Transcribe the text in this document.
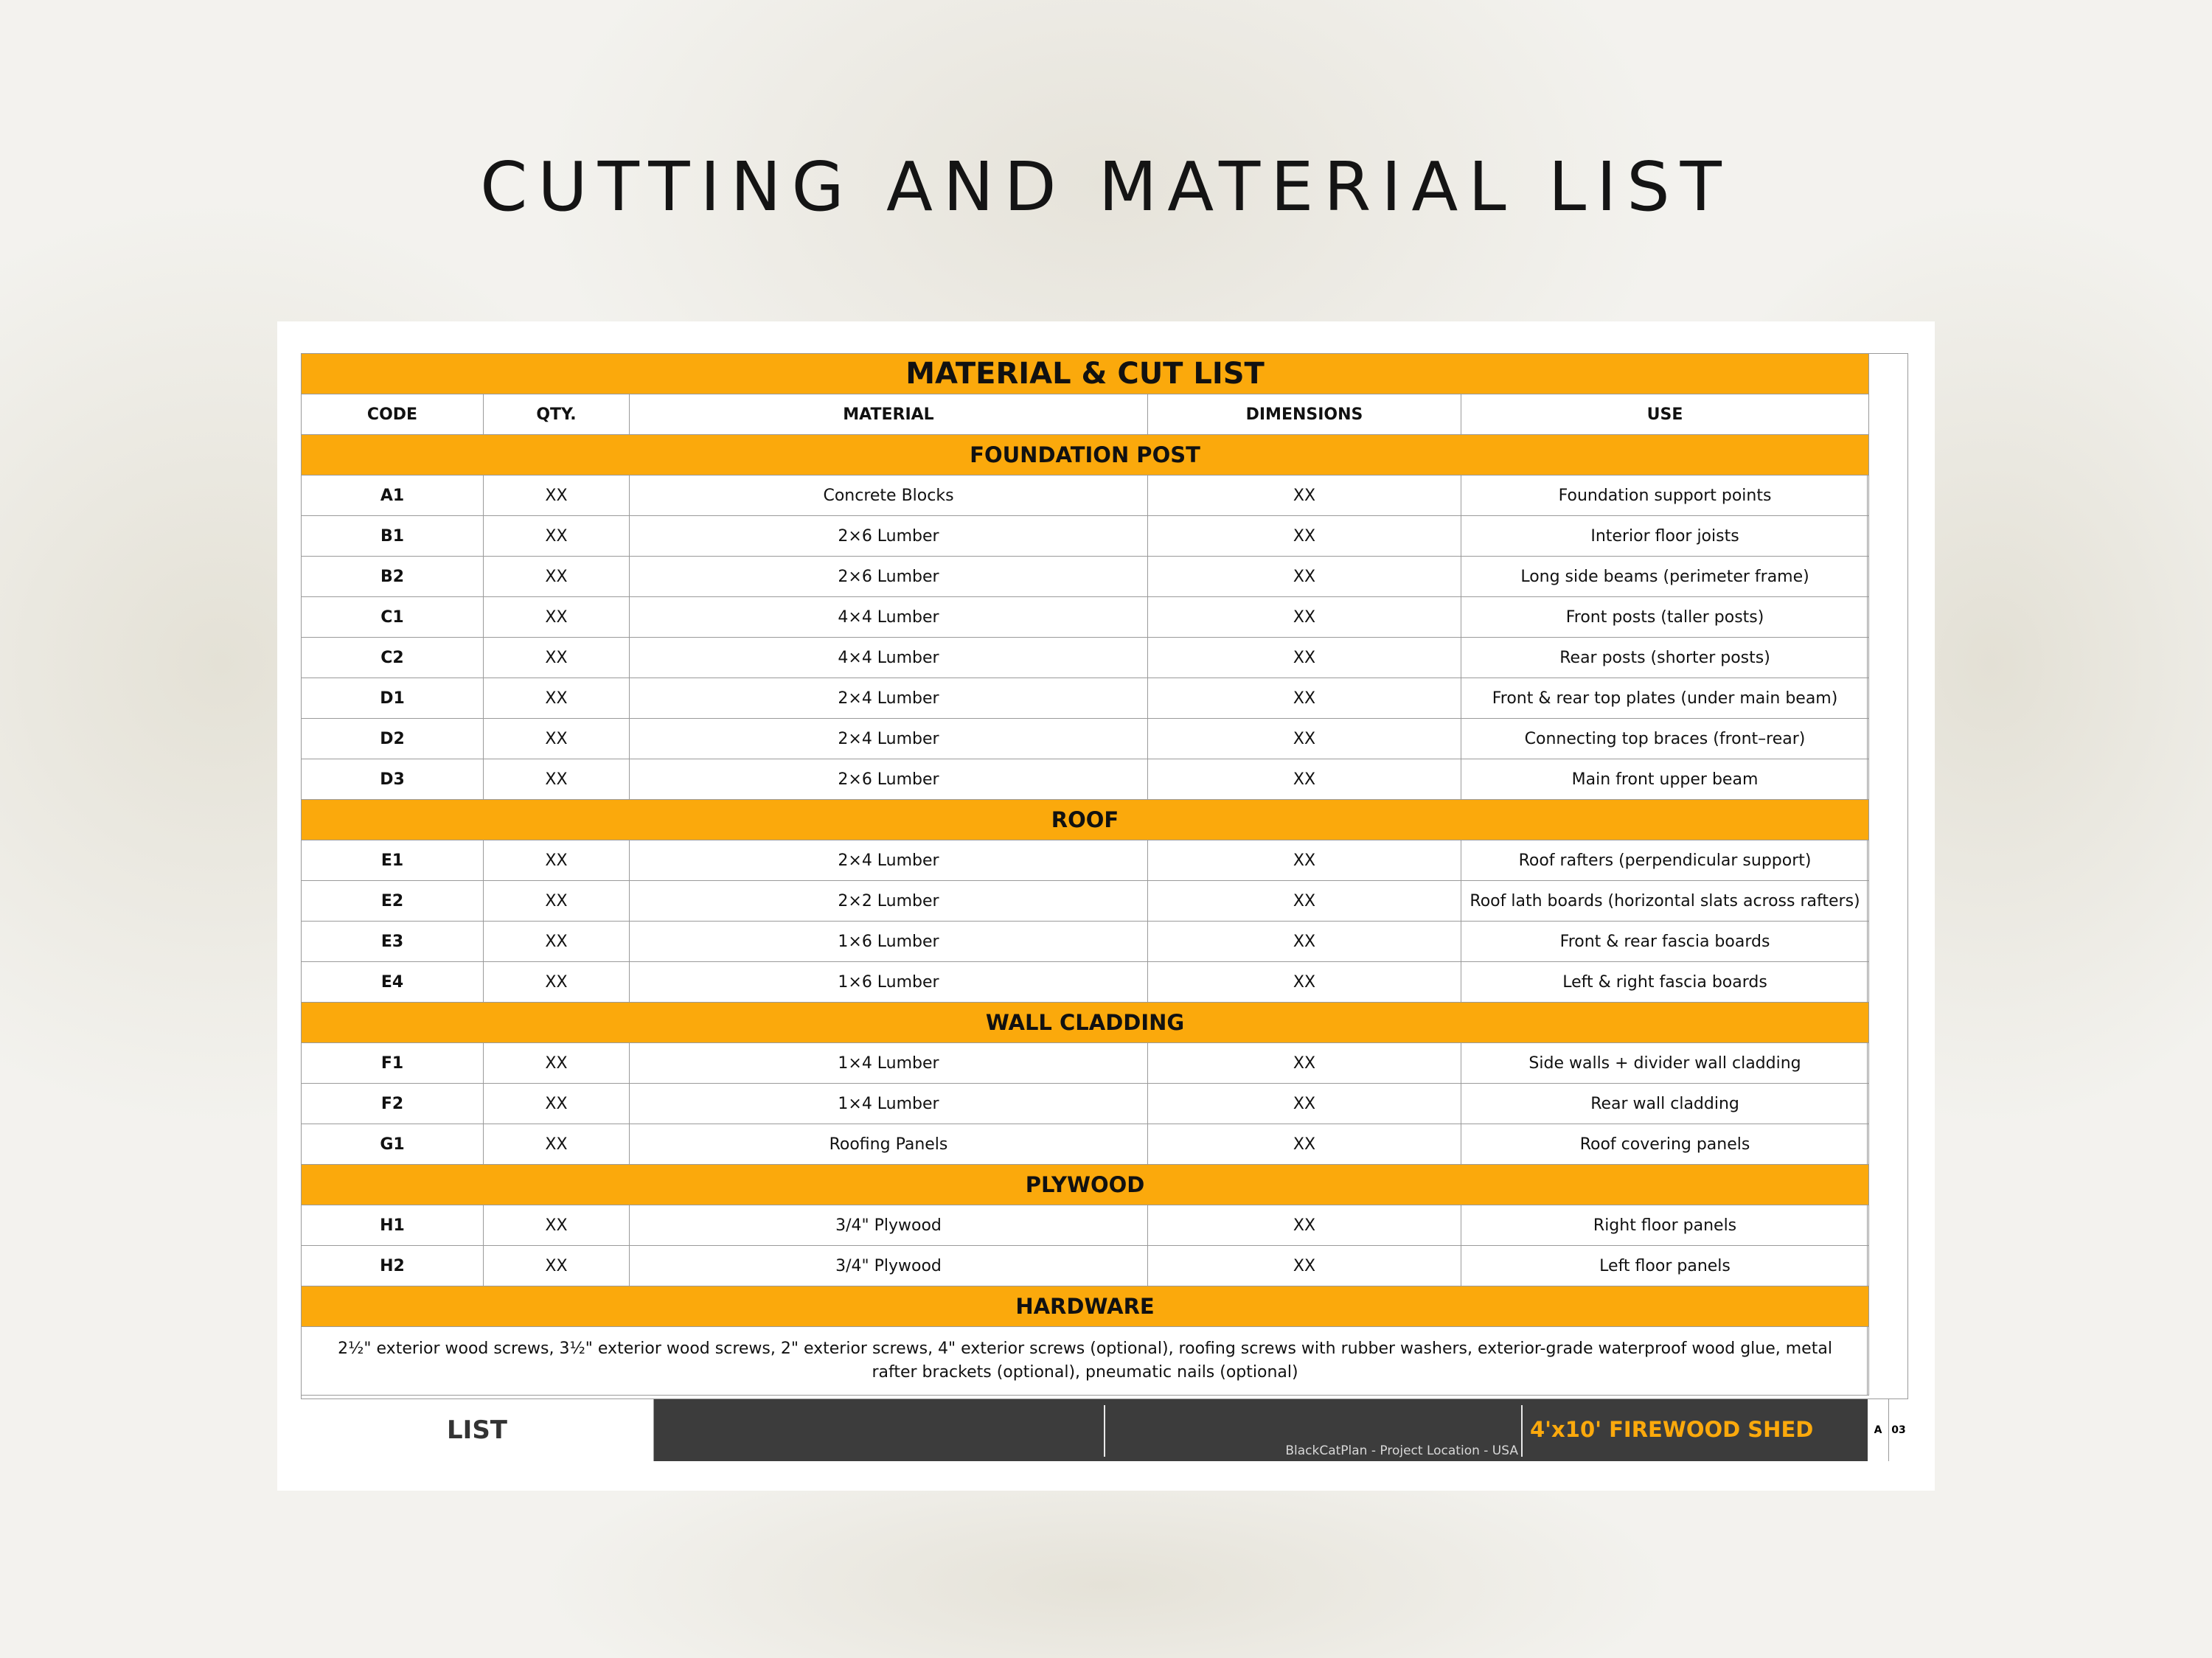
CUTTING AND MATERIAL LIST
MATERIAL & CUT LIST				
CODE	QTY.	MATERIAL	DIMENSIONS	USE
FOUNDATION POST				
A1	XX	Concrete Blocks	XX	Foundation support points
B1	XX	2×6 Lumber	XX	Interior floor joists
B2	XX	2×6 Lumber	XX	Long side beams (perimeter frame)
C1	XX	4×4 Lumber	XX	Front posts (taller posts)
C2	XX	4×4 Lumber	XX	Rear posts (shorter posts)
D1	XX	2×4 Lumber	XX	Front & rear top plates (under main beam)
D2	XX	2×4 Lumber	XX	Connecting top braces (front–rear)
D3	XX	2×6 Lumber	XX	Main front upper beam
ROOF				
E1	XX	2×4 Lumber	XX	Roof rafters (perpendicular support)
E2	XX	2×2 Lumber	XX	Roof lath boards (horizontal slats across rafters)
E3	XX	1×6 Lumber	XX	Front & rear fascia boards
E4	XX	1×6 Lumber	XX	Left & right fascia boards
WALL CLADDING				
F1	XX	1×4 Lumber	XX	Side walls + divider wall cladding
F2	XX	1×4 Lumber	XX	Rear wall cladding
G1	XX	Roofing Panels	XX	Roof covering panels
PLYWOOD				
H1	XX	3/4" Plywood	XX	Right floor panels
H2	XX	3/4" Plywood	XX	Left floor panels
HARDWARE				
2½" exterior wood screws, 3½" exterior wood screws, 2" exterior screws, 4" exterior screws (optional), roofing screws with rubber washers, exterior-grade waterproof wood glue, metal rafter brackets (optional), pneumatic nails (optional)				
LIST
BlackCatPlan - Project Location - USA
4'x10' FIREWOOD SHED	A 03
